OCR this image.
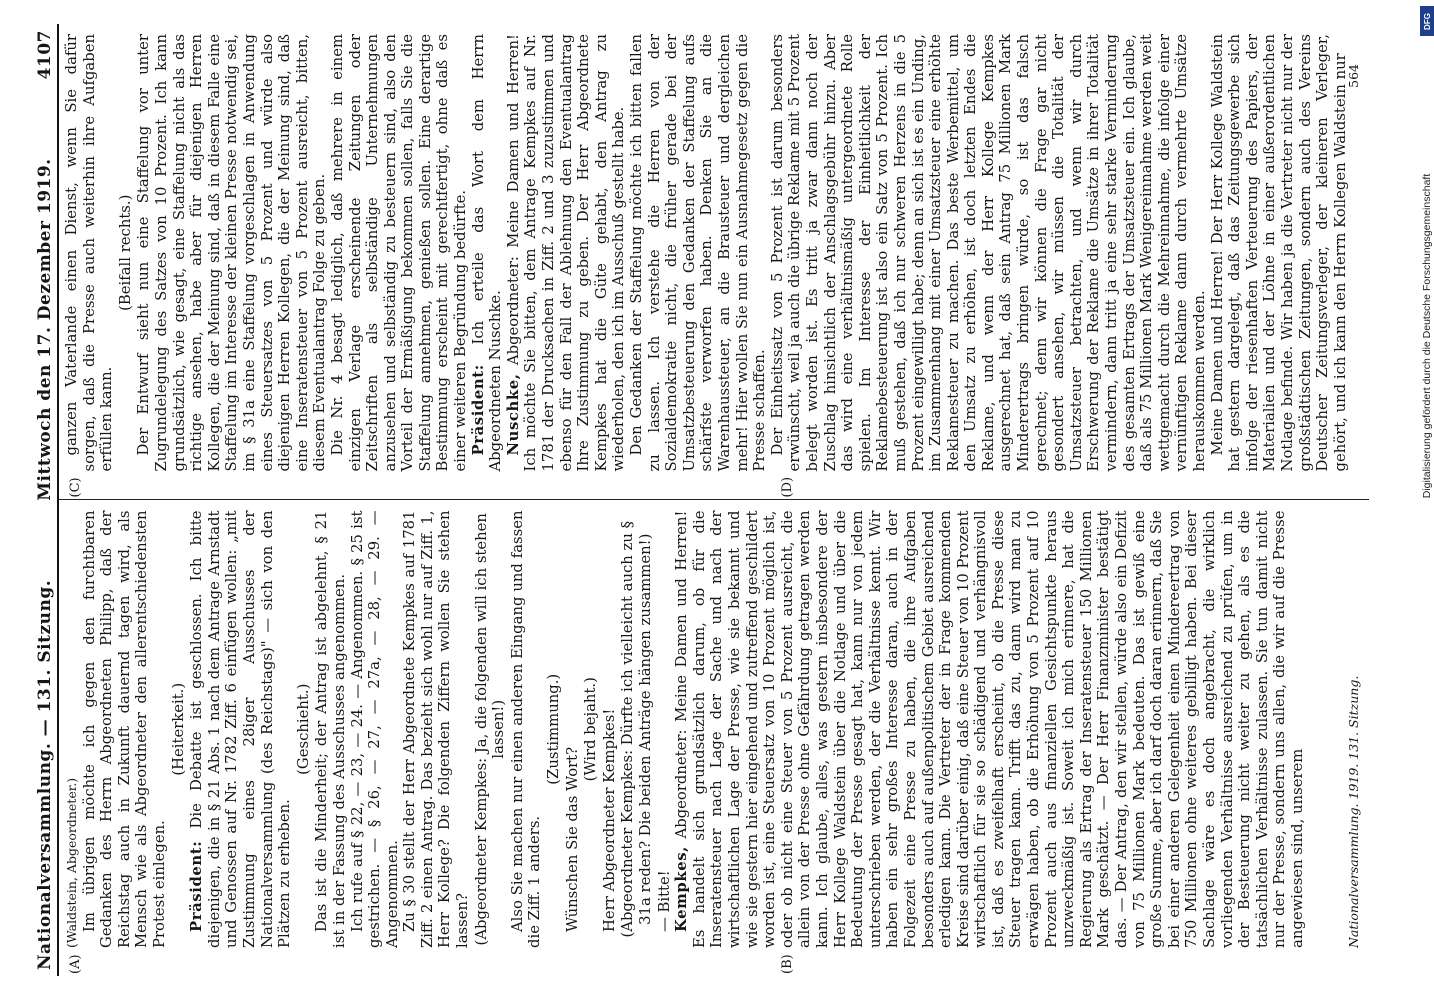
Nationalversammlung. — 131. Sitzung.
Mittwoch den 17. Dezember 1919.
4107
(A)	(B)

(Waldstein, Abgeordneter.) Im übrigen möchte ich gegen den furchtbaren Gedanken des Herrn Abgeordneten Philipp, daß der Reichstag auch in Zukunft dauernd tagen wird, als Mensch wie als Abgeordneter den allerentschiedensten Protest einlegen.

(Heiterkeit.)

Präsident: Die Debatte ist geschlossen. Ich bitte diejenigen, die in § 21 Abs. 1 nach dem Antrage Arnstadt und Genossen auf Nr. 1782 Ziff. 6 einfügen wollen: „mit Zustimmung eines 28iger Ausschusses der Nationalversammlung (des Reichstags)" — sich von den Plätzen zu erheben.

(Geschieht.) Das ist die Minderheit; der Antrag ist abgelehnt, § 21 ist in der Fassung des Ausschusses angenommen. Ich rufe auf § 22, — 23, — 24. — Angenommen. § 25 ist gestrichen. — § 26, — 27, — 27a, — 28, — 29. — Angenommen. Zu § 30 stellt der Herr Abgeordnete Kempkes auf 1781 Ziff. 2 einen Antrag. Das bezieht sich wohl nur auf Ziff. 1, Herr Kollege? Die folgenden Ziffern wollen Sie stehen lassen? (Abgeordneter Kempkes: Ja, die folgenden will ich stehen lassen!) Also Sie machen nur einen anderen Eingang und fassen die Ziff. 1 anders.

(Zustimmung.)

Wünschen Sie das Wort?

(Wird bejaht.) Herr Abgeordneter Kempkes! (Abgeordneter Kempkes: Dürfte ich vielleicht auch zu § 31a reden? Die beiden Anträge hängen zusammen!) — Bitte! Kempkes, Abgeordneter: Meine Damen und Herren! Es handelt sich grundsätzlich darum, ob für die Inseratensteuer nach Lage der Sache und nach der wirtschaftlichen Lage der Presse, wie sie bekannt und wie sie gestern hier eingehend und zutreffend geschildert worden ist, eine Steuersatz von 10 Prozent möglich ist, oder ob nicht eine Steuer von 5 Prozent ausreicht, die allein von der Presse ohne Gefährdung getragen werden kann. Ich glaube, alles, was gestern insbesondere der Herr Kollege Waldstein über die Notlage und über die Bedeutung der Presse gesagt hat, kann nur von jedem unterschrieben werden, der die Verhältnisse kennt. Wir haben ein sehr großes Interesse daran, auch in der Folgezeit eine Presse zu haben, die ihre Aufgaben besonders auch auf außenpolitischem Gebiet ausreichend erledigen kann. Die Vertreter der in Frage kommenden Kreise sind darüber einig, daß eine Steuer von 10 Prozent wirtschaftlich für sie so schädigend und verhängnisvoll ist, daß es zweifelhaft erscheint, ob die Presse diese Steuer tragen kann. Trifft das zu, dann wird man zu erwägen haben, ob die Erhöhung von 5 Prozent auf 10 Prozent auch aus finanziellen Gesichtspunkte heraus unzweckmäßig ist. Soweit ich mich erinnere, hat die Regierung als Ertrag der Inseratensteuer 150 Millionen Mark geschätzt. — Der Herr Finanzminister bestätigt das. — Der Antrag, den wir stellen, würde also ein Defizit von 75 Millionen Mark bedeuten. Das ist gewiß eine große Summe, aber ich darf doch daran erinnern, daß Sie bei einer anderen Gelegenheit einen Mindereertrag von 750 Millionen ohne weiteres gebilligt haben. Bei dieser Sachlage wäre es doch angebracht, die wirklich vorliegenden Verhältnisse ausreichend zu prüfen, um in der Besteuerung nicht weiter zu gehen, als es die tatsächlichen Verhältnisse zulassen. Sie tun damit nicht nur der Presse, sondern uns allen, die wir auf die Presse angewiesen sind, unserem	Nationalversammlung. 1919. 131. Sitzung.
(C)	(D)

ganzen Vaterlande einen Dienst, wenn Sie dafür sorgen, daß die Presse auch weiterhin ihre Aufgaben erfüllen kann.

(Beifall rechts.) Der Entwurf sieht nun eine Staffelung vor unter Zugrundelegung des Satzes von 10 Prozent. Ich kann grundsätzlich, wie gesagt, eine Staffelung nicht als das richtige ansehen, habe aber für diejenigen Herren Kollegen, die der Meinung sind, daß in diesem Falle eine Staffelung im Interesse der kleinen Presse notwendig sei, im § 31a eine Staffelung vorgeschlagen in Anwendung eines Steuersatzes von 5 Prozent und würde also diejenigen Herren Kollegen, die der Meinung sind, daß eine Inseratensteuer von 5 Prozent ausreicht, bitten, diesem Eventualantrag Folge zu geben. Die Nr. 4 besagt lediglich, daß mehrere in einem einzigen Verlage erscheinende Zeitungen oder Zeitschriften als selbständige Unternehmungen anzusehen und selbständig zu besteuern sind, also den Vorteil der Ermäßigung bekommen sollen, falls Sie die Staffelung annehmen, genießen sollen. Eine derartige Bestimmung erscheint mit gerechtfertigt, ohne daß es einer weiteren Begründung bedürfte. Präsident: Ich erteile das Wort dem Herrn Abgeordneten Nuschke. Nuschke, Abgeordneter: Meine Damen und Herren! Ich möchte Sie bitten, dem Antrage Kempkes auf Nr. 1781 der Drucksachen in Ziff. 2 und 3 zuzustimmen und ebenso für den Fall der Ablehnung den Eventualantrag Ihre Zustimmung zu geben. Der Herr Abgeordnete Kempkes hat die Güte gehabt, den Antrag zu wiederholen, den ich im Ausschuß gestellt habe. Den Gedanken der Staffelung möchte ich bitten fallen zu lassen. Ich verstehe die Herren von der Sozialdemokratie nicht, die früher gerade bei der Umsatzbesteuerung den Gedanken der Staffelung aufs schärfste verworfen haben. Denken Sie an die Warenhaussteuer, an die Brausteuer und dergleichen mehr! Hier wollen Sie nun ein Ausnahmegesetz gegen die Presse schaffen. Der Einheitssatz von 5 Prozent ist darum besonders erwünscht, weil ja auch die übrige Reklame mit 5 Prozent belegt worden ist. Es tritt ja zwar dann noch der Zuschlag hinsichtlich der Anschlagsgebühr hinzu. Aber das wird eine verhältnismäßig untergeordnete Rolle spielen. Im Interesse der Einheitlichkeit der Reklamebesteuerung ist also ein Satz von 5 Prozent. Ich muß gestehen, daß ich nur schweren Herzens in die 5 Prozent eingewilligt habe; denn an sich ist es ein Unding, im Zusammenhang mit einer Umsatzsteuer eine erhöhte Reklamesteuer zu machen. Das beste Werbemittel, um den Umsatz zu erhöhen, ist doch letzten Endes die Reklame, und wenn der Herr Kollege Kempkes ausgerechnet hat, daß sein Antrag 75 Millionen Mark Minderertrags bringen würde, so ist das falsch gerechnet; denn wir können die Frage gar nicht gesondert ansehen, wir müssen die Totalität der Umsatzsteuer betrachten, und wenn wir durch Erschwerung der Reklame die Umsätze in ihrer Totalität vermindern, dann tritt ja eine sehr starke Verminderung des gesamten Ertrags der Umsatzsteuer ein. Ich glaube, daß als 75 Millionen Mark Wenigereinnahme werden weit wettgemacht durch die Mehreinnahme, die infolge einer vernünftigen Reklame dann durch vermehrte Umsätze herauskommen werden. Meine Damen und Herren! Der Herr Kollege Waldstein hat gestern dargelegt, daß das Zeitungsgewerbe sich infolge der riesenhaften Verteuerung des Papiers, der Materialien und der Löhne in einer außerordentlichen Notlage befinde. Wir haben ja die Vertreter nicht nur der großstädtischen Zeitungen, sondern auch des Vereins Deutscher Zeitungsverleger, der kleineren Verleger, gehört, und ich kann den Herrn Kollegen Waldstein nur

564
DFG
Digitalisierung gefördert durch die Deutsche Forschungsgemeinschaft
